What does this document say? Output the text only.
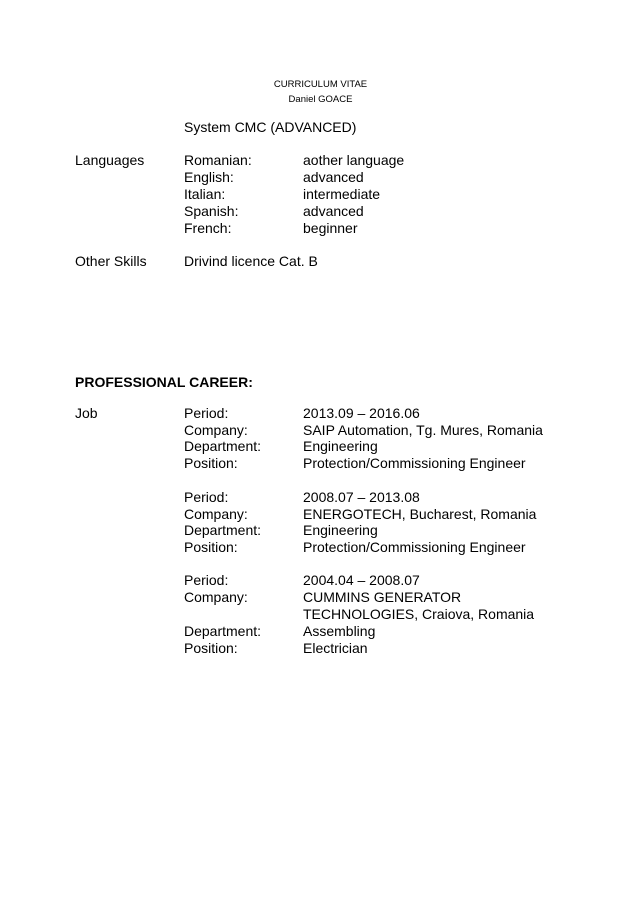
CURRICULUM VITAE
Daniel GOACE
System CMC (ADVANCED)
Languages	Romanian:	aother language
English:	advanced
Italian:	intermediate
Spanish:	advanced
French:	beginner
Other Skills	Drivind licence Cat. B
PROFESSIONAL CAREER:
Job	Period:	2013.09 – 2016.06
Company:	SAIP Automation, Tg. Mures, Romania
Department:	Engineering
Position:	Protection/Commissioning Engineer
Period:	2008.07 – 2013.08
Company:	ENERGOTECH, Bucharest, Romania
Department:	Engineering
Position:	Protection/Commissioning Engineer
Period:	2004.04 – 2008.07
Company:	CUMMINS GENERATOR
TECHNOLOGIES, Craiova, Romania
Department:	Assembling
Position:	Electrician
